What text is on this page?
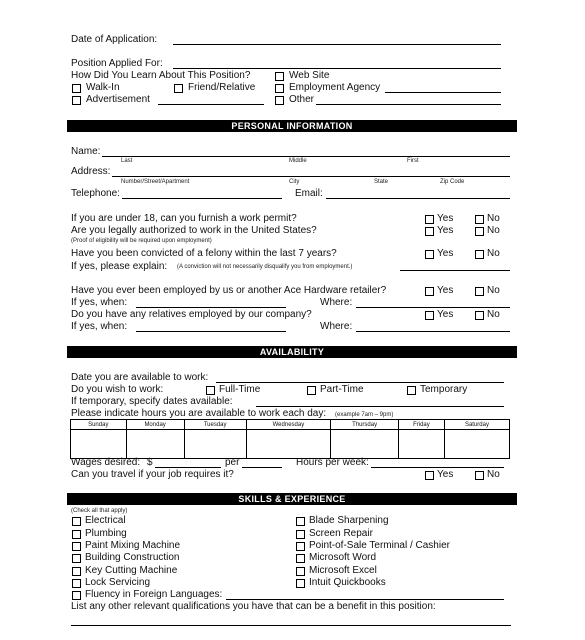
Date of Application:
Position Applied For:
How Did You Learn About This Position?	Web Site
Walk-In	Friend/Relative	Employment Agency
Advertisement	Other
PERSONAL INFORMATION
Name:
Last	Middle	First
Address:
Number/Street/Apartment	City	State	Zip Code
Telephone:	Email:
If you are under 18, can you furnish a work permit?	Yes	No
Are you legally authorized to work in the United States?	Yes	No
(Proof of eligibility will be required upon employment)
Have you been convicted of a felony within the last 7 years?	Yes	No
If yes, please explain: (A conviction will not necessarily disqualify you from employment.)
Have you ever been employed by us or another Ace Hardware retailer?	Yes	No
If yes, when:	Where:
Do you have any relatives employed by our company?	Yes	No
If yes, when:	Where:
AVAILABILITY
Date you are available to work:
Do you wish to work:	Full-Time	Part-Time	Temporary
If temporary, specify dates available:
Please indicate hours you are available to work each day: (example 7am – 9pm)
Sunday	Monday	Tuesday	Wednesday	Thursday	Friday	Saturday

Wages desired: $	per	Hours per week:
Can you travel if your job requires it?	Yes	No
SKILLS & EXPERIENCE
(Check all that apply)
Electrical
Plumbing
Paint Mixing Machine
Building Construction
Key Cutting Machine
Lock Servicing
Fluency in Foreign Languages:
Blade Sharpening
Screen Repair
Point-of-Sale Terminal / Cashier
Microsoft Word
Microsoft Excel
Intuit Quickbooks
List any other relevant qualifications you have that can be a benefit in this position:
